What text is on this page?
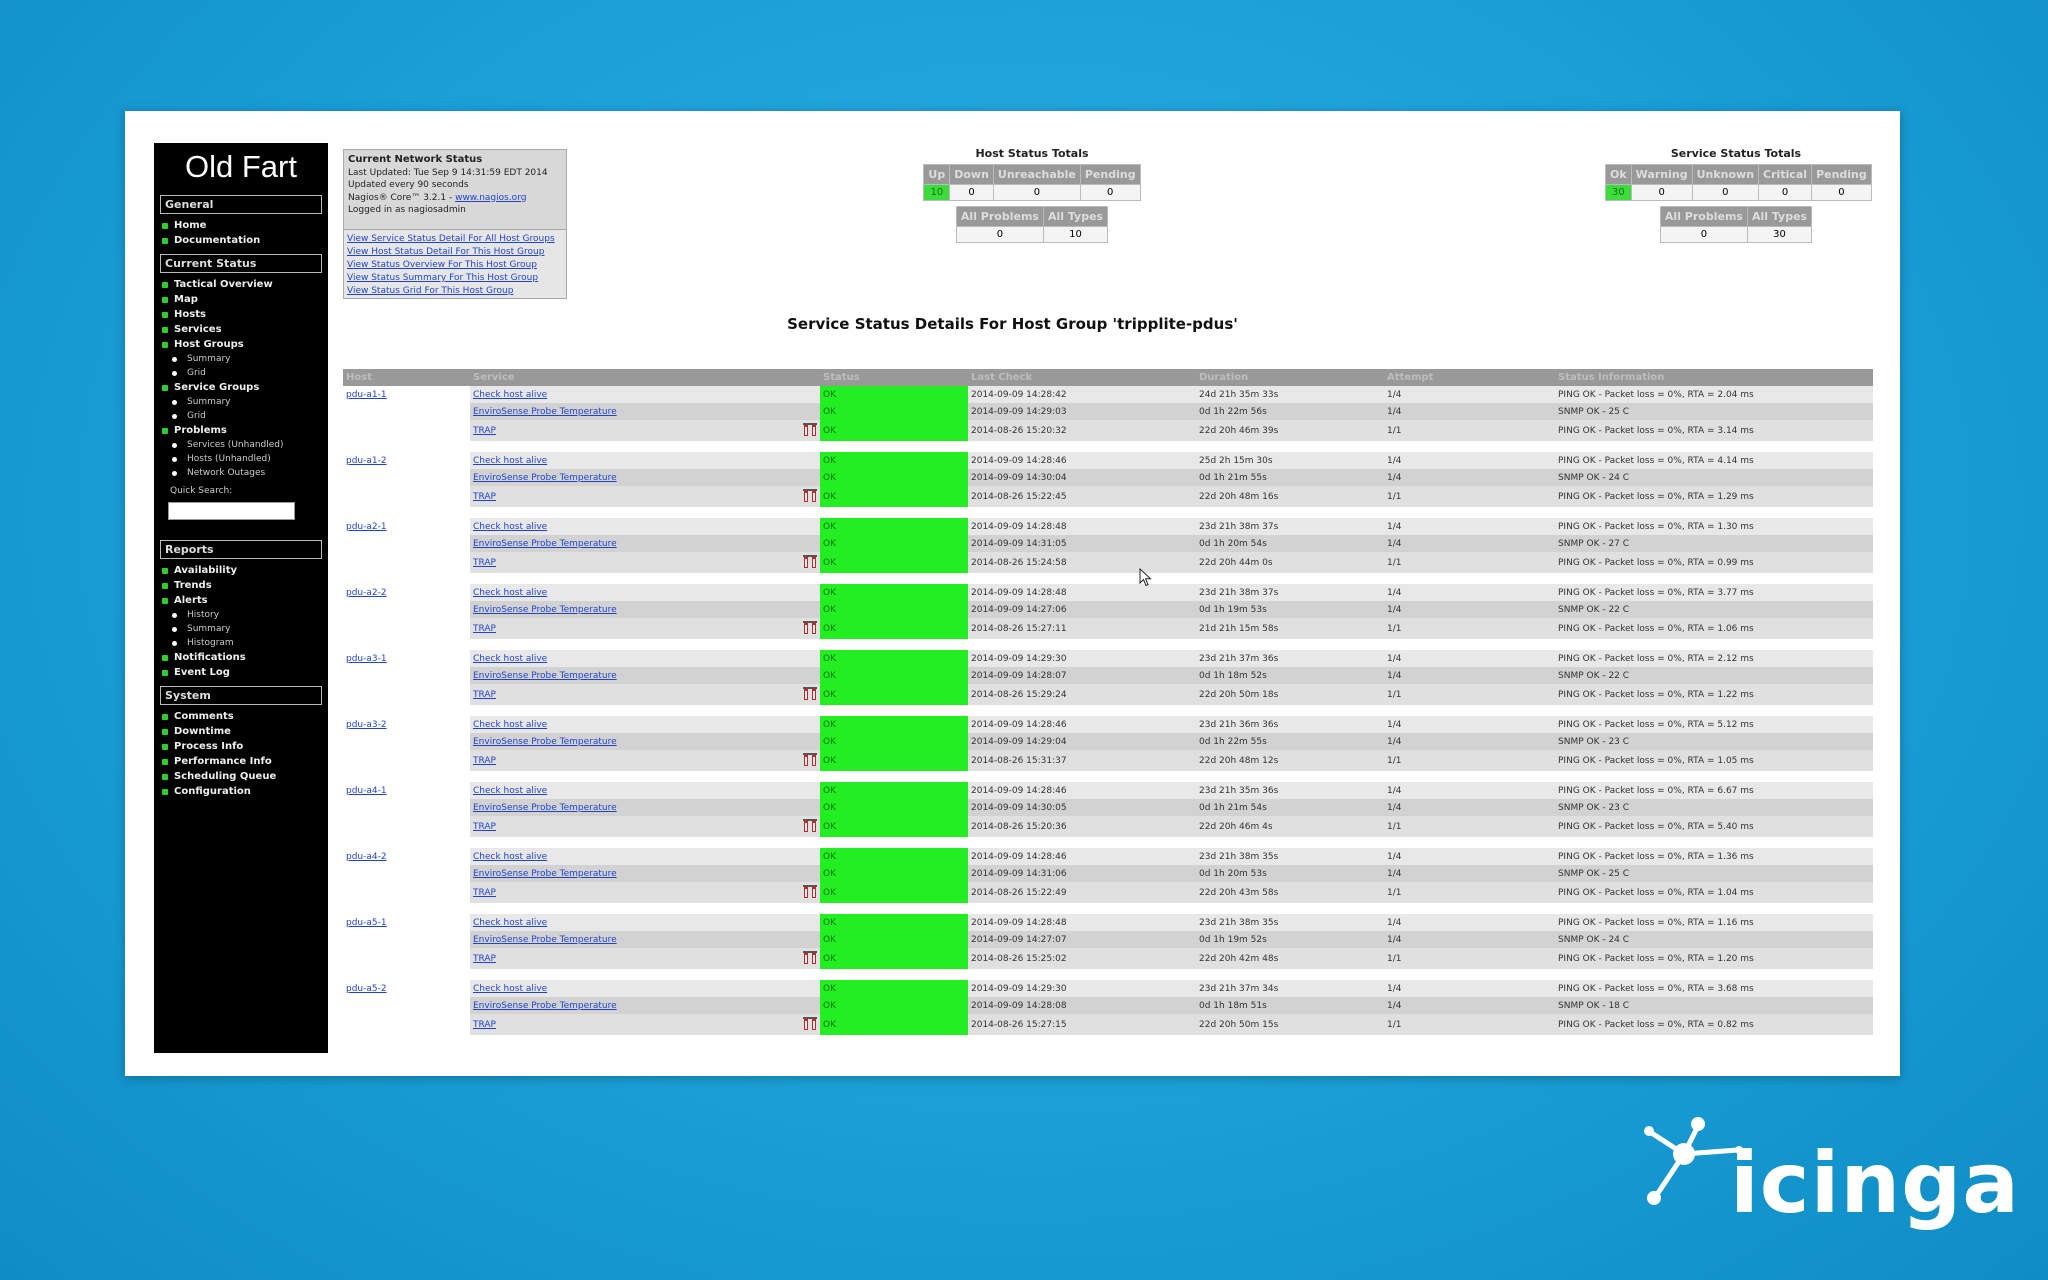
Old Fart
General
Home
Documentation
Current Status
Tactical Overview
Map
Hosts
Services
Host Groups
Summary
Grid
Service Groups
Summary
Grid
Problems
Services (Unhandled)
Hosts (Unhandled)
Network Outages
Quick Search:
Reports
Availability
Trends
Alerts
History
Summary
Histogram
Notifications
Event Log
System
Comments
Downtime
Process Info
Performance Info
Scheduling Queue
Configuration
Current Network Status
Last Updated: Tue Sep 9 14:31:59 EDT 2014
Updated every 90 seconds
Nagios® Core™ 3.2.1 - www.nagios.org
Logged in as nagiosadmin
View Service Status Detail For All Host Groups
View Host Status Detail For This Host Group
View Status Overview For This Host Group
View Status Summary For This Host Group
View Status Grid For This Host Group
Host Status Totals
Up	Down	Unreachable	Pending
10	0	0	0
All Problems	All Types
0	10
Service Status Totals
Ok	Warning	Unknown	Critical	Pending
30	0	0	0	0
All Problems	All Types
0	30
Service Status Details For Host Group 'tripplite-pdus'
Host	Service	Status	Last Check	Duration	Attempt	Status Information
pdu-a1-1	Check host alive	OK	2014-09-09 14:28:42	24d 21h 35m 33s	1/4	PING OK - Packet loss = 0%, RTA = 2.04 ms
	EnviroSense Probe Temperature	OK	2014-09-09 14:29:03	0d 1h 22m 56s	1/4	SNMP OK - 25 C
	TRAP	OK	2014-08-26 15:20:32	22d 20h 46m 39s	1/1	PING OK - Packet loss = 0%, RTA = 3.14 ms

pdu-a1-2	Check host alive	OK	2014-09-09 14:28:46	25d 2h 15m 30s	1/4	PING OK - Packet loss = 0%, RTA = 4.14 ms
	EnviroSense Probe Temperature	OK	2014-09-09 14:30:04	0d 1h 21m 55s	1/4	SNMP OK - 24 C
	TRAP	OK	2014-08-26 15:22:45	22d 20h 48m 16s	1/1	PING OK - Packet loss = 0%, RTA = 1.29 ms

pdu-a2-1	Check host alive	OK	2014-09-09 14:28:48	23d 21h 38m 37s	1/4	PING OK - Packet loss = 0%, RTA = 1.30 ms
	EnviroSense Probe Temperature	OK	2014-09-09 14:31:05	0d 1h 20m 54s	1/4	SNMP OK - 27 C
	TRAP	OK	2014-08-26 15:24:58	22d 20h 44m 0s	1/1	PING OK - Packet loss = 0%, RTA = 0.99 ms

pdu-a2-2	Check host alive	OK	2014-09-09 14:28:48	23d 21h 38m 37s	1/4	PING OK - Packet loss = 0%, RTA = 3.77 ms
	EnviroSense Probe Temperature	OK	2014-09-09 14:27:06	0d 1h 19m 53s	1/4	SNMP OK - 22 C
	TRAP	OK	2014-08-26 15:27:11	21d 21h 15m 58s	1/1	PING OK - Packet loss = 0%, RTA = 1.06 ms

pdu-a3-1	Check host alive	OK	2014-09-09 14:29:30	23d 21h 37m 36s	1/4	PING OK - Packet loss = 0%, RTA = 2.12 ms
	EnviroSense Probe Temperature	OK	2014-09-09 14:28:07	0d 1h 18m 52s	1/4	SNMP OK - 22 C
	TRAP	OK	2014-08-26 15:29:24	22d 20h 50m 18s	1/1	PING OK - Packet loss = 0%, RTA = 1.22 ms

pdu-a3-2	Check host alive	OK	2014-09-09 14:28:46	23d 21h 36m 36s	1/4	PING OK - Packet loss = 0%, RTA = 5.12 ms
	EnviroSense Probe Temperature	OK	2014-09-09 14:29:04	0d 1h 22m 55s	1/4	SNMP OK - 23 C
	TRAP	OK	2014-08-26 15:31:37	22d 20h 48m 12s	1/1	PING OK - Packet loss = 0%, RTA = 1.05 ms

pdu-a4-1	Check host alive	OK	2014-09-09 14:28:46	23d 21h 35m 36s	1/4	PING OK - Packet loss = 0%, RTA = 6.67 ms
	EnviroSense Probe Temperature	OK	2014-09-09 14:30:05	0d 1h 21m 54s	1/4	SNMP OK - 23 C
	TRAP	OK	2014-08-26 15:20:36	22d 20h 46m 4s	1/1	PING OK - Packet loss = 0%, RTA = 5.40 ms

pdu-a4-2	Check host alive	OK	2014-09-09 14:28:46	23d 21h 38m 35s	1/4	PING OK - Packet loss = 0%, RTA = 1.36 ms
	EnviroSense Probe Temperature	OK	2014-09-09 14:31:06	0d 1h 20m 53s	1/4	SNMP OK - 25 C
	TRAP	OK	2014-08-26 15:22:49	22d 20h 43m 58s	1/1	PING OK - Packet loss = 0%, RTA = 1.04 ms

pdu-a5-1	Check host alive	OK	2014-09-09 14:28:48	23d 21h 38m 35s	1/4	PING OK - Packet loss = 0%, RTA = 1.16 ms
	EnviroSense Probe Temperature	OK	2014-09-09 14:27:07	0d 1h 19m 52s	1/4	SNMP OK - 24 C
	TRAP	OK	2014-08-26 15:25:02	22d 20h 42m 48s	1/1	PING OK - Packet loss = 0%, RTA = 1.20 ms

pdu-a5-2	Check host alive	OK	2014-09-09 14:29:30	23d 21h 37m 34s	1/4	PING OK - Packet loss = 0%, RTA = 3.68 ms
	EnviroSense Probe Temperature	OK	2014-09-09 14:28:08	0d 1h 18m 51s	1/4	SNMP OK - 18 C
	TRAP	OK	2014-08-26 15:27:15	22d 20h 50m 15s	1/1	PING OK - Packet loss = 0%, RTA = 0.82 ms
icinga
